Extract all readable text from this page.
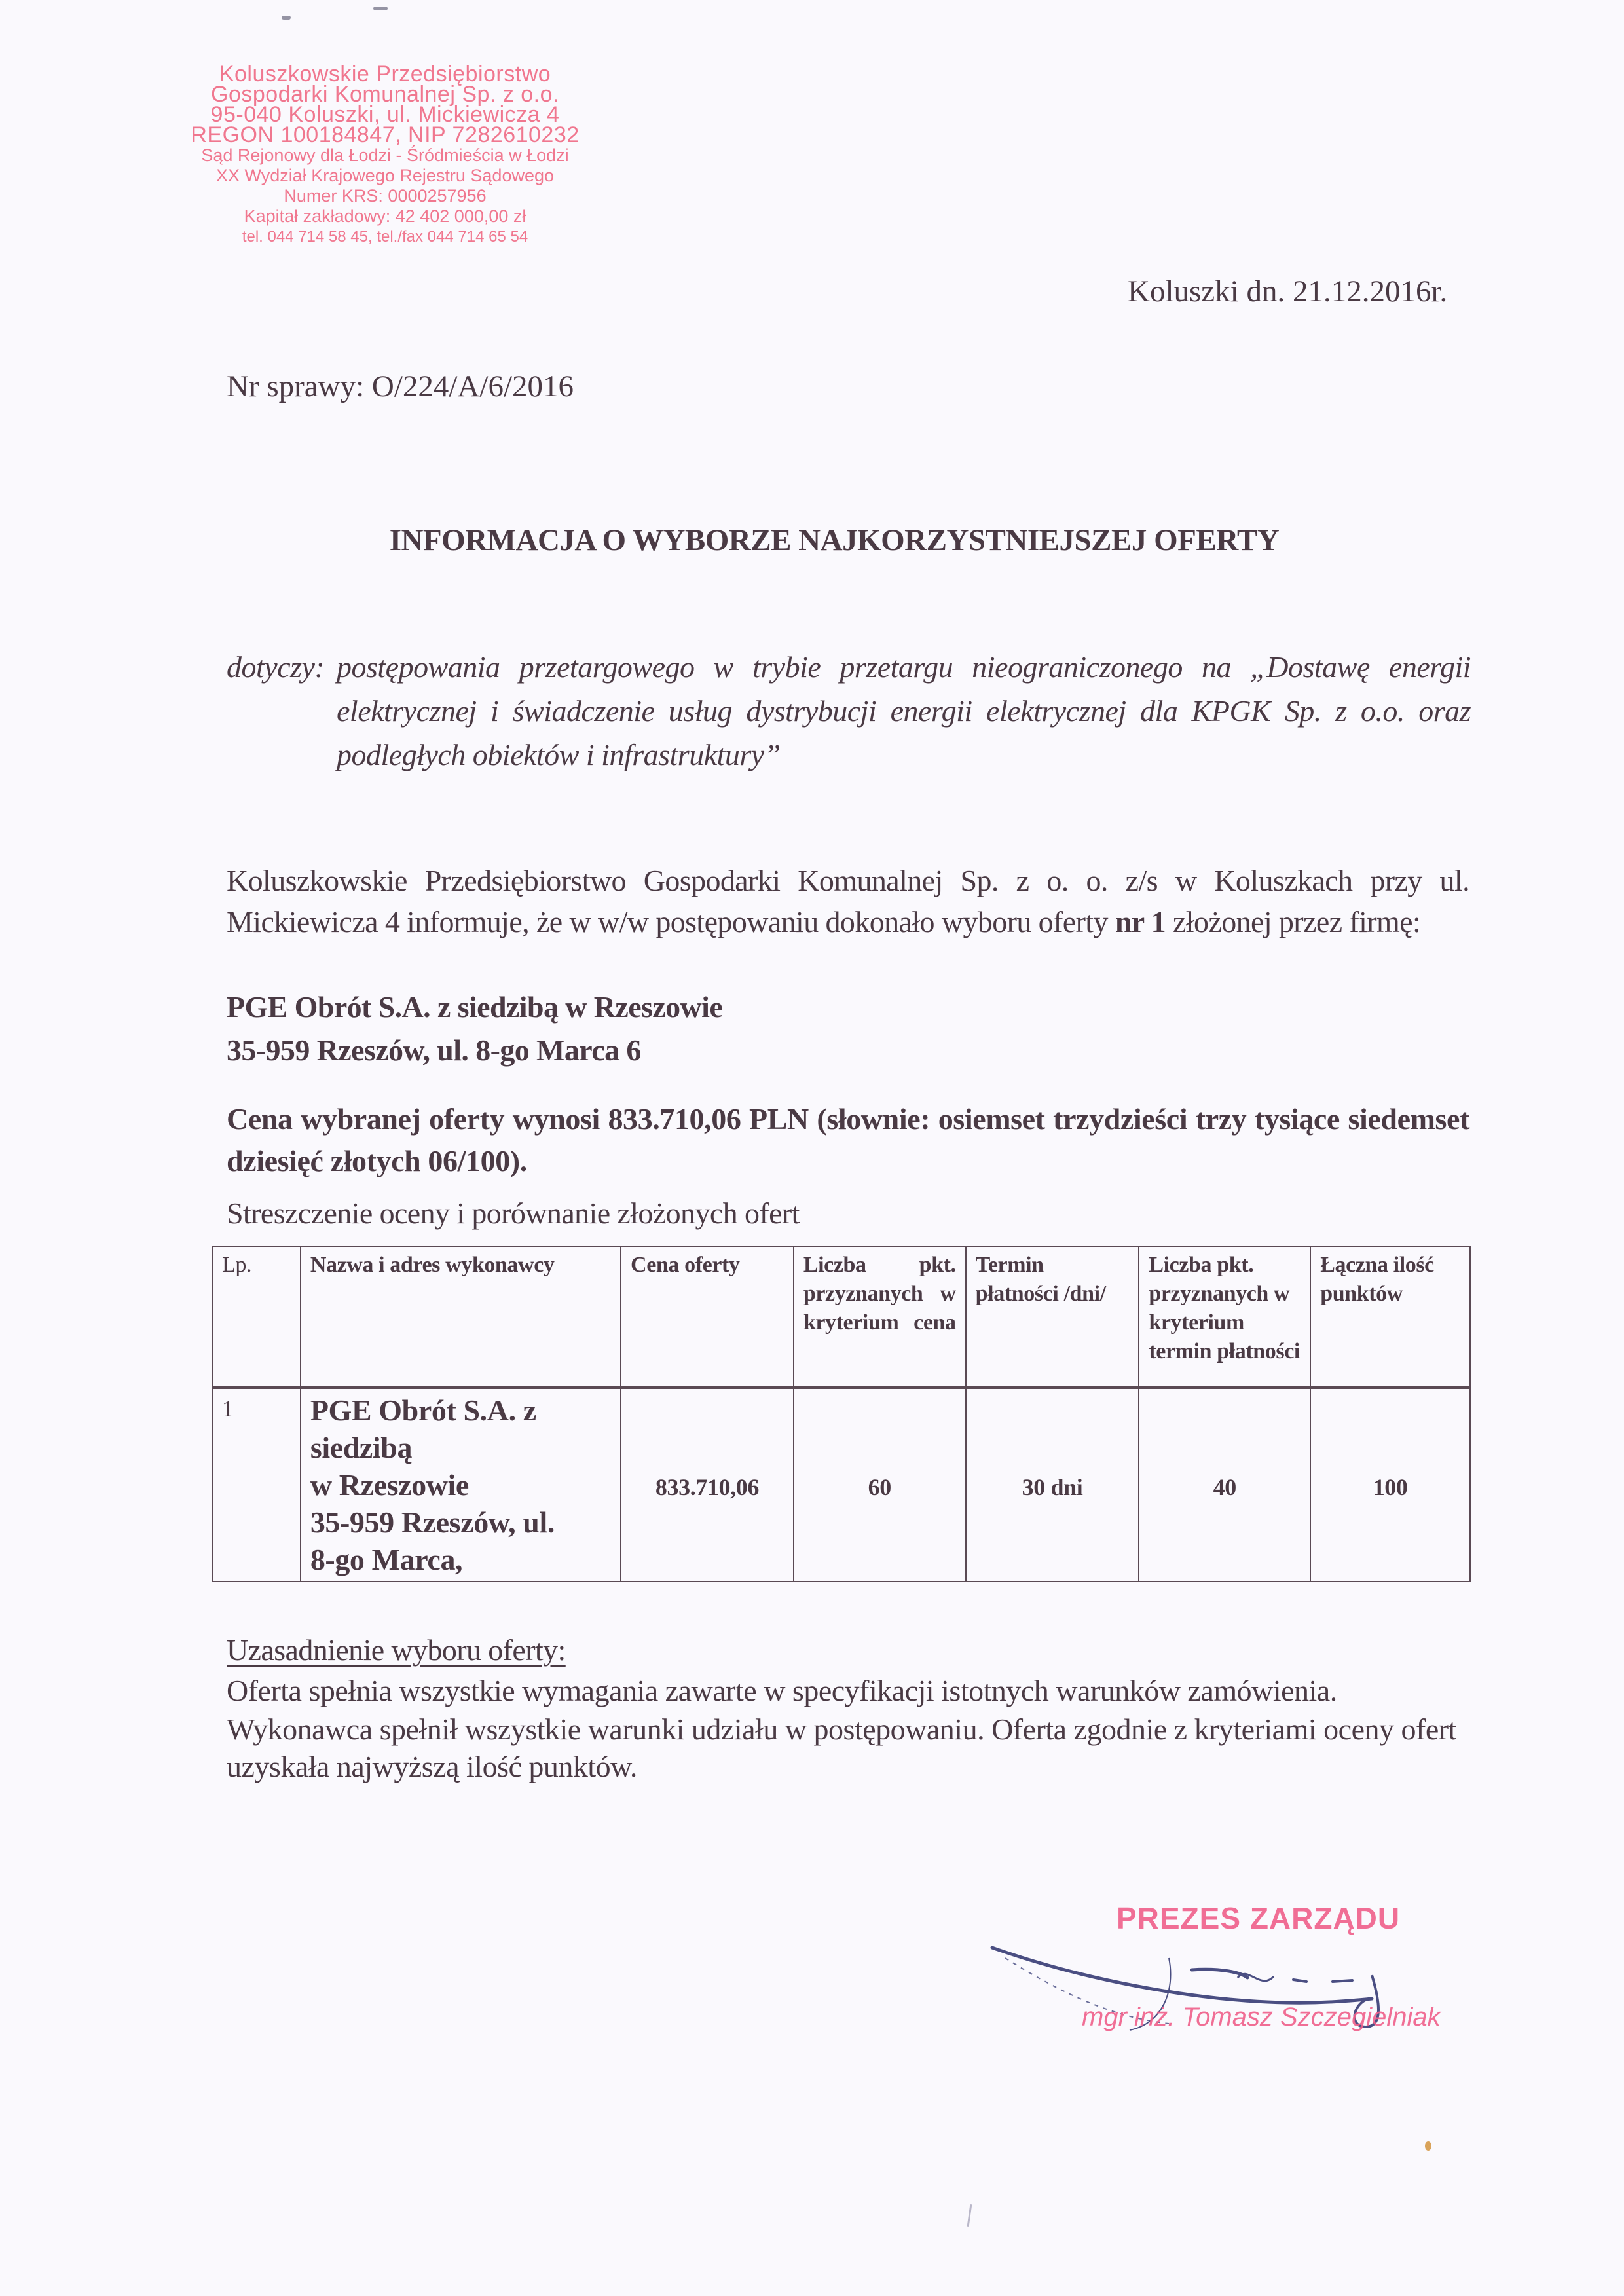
Koluszkowskie Przedsiębiorstwo
Gospodarki Komunalnej Sp. z o.o.
95-040 Koluszki, ul. Mickiewicza 4
REGON 100184847, NIP 7282610232
Sąd Rejonowy dla Łodzi - Śródmieścia w Łodzi
XX Wydział Krajowego Rejestru Sądowego
Numer KRS: 0000257956
Kapitał zakładowy: 42 402 000,00 zł
tel. 044 714 58 45, tel./fax 044 714 65 54
Koluszki dn. 21.12.2016r.
Nr sprawy: O/224/A/6/2016
INFORMACJA O WYBORZE NAJKORZYSTNIEJSZEJ OFERTY
dotyczy: postępowania przetargowego w trybie przetargu nieograniczonego na „Dostawę energii elektrycznej i świadczenie usług dystrybucji energii elektrycznej dla KPGK Sp. z o.o. oraz podległych obiektów i infrastruktury”
Koluszkowskie Przedsiębiorstwo Gospodarki Komunalnej Sp. z o. o. z/s w Koluszkach przy ul. Mickiewicza 4 informuje, że w w/w postępowaniu dokonało wyboru oferty nr 1 złożonej przez firmę:
PGE Obrót S.A. z siedzibą w Rzeszowie
35-959 Rzeszów, ul. 8-go Marca 6
Cena wybranej oferty wynosi 833.710,06 PLN (słownie: osiemset trzydzieści trzy tysiące siedemset dziesięć złotych 06/100).
Streszczenie oceny i porównanie złożonych ofert
Lp.	Nazwa i adres wykonawcy	Cena oferty	Liczba pkt. przyznanych w kryterium cena	Termin płatności /dni/	Liczba pkt. przyznanych w kryterium termin płatności	Łączna ilość punktów
1	PGE Obrót S.A. z
siedzibą
w Rzeszowie
35-959 Rzeszów, ul.
8-go Marca,	833.710,06	60	30 dni	40	100
Uzasadnienie wyboru oferty:
Oferta spełnia wszystkie wymagania zawarte w specyfikacji istotnych warunków zamówienia.
Wykonawca spełnił wszystkie warunki udziału w postępowaniu. Oferta zgodnie z kryteriami oceny ofert uzyskała najwyższą ilość punktów.
PREZES ZARZĄDU
mgr inż. Tomasz Szczegielniak
